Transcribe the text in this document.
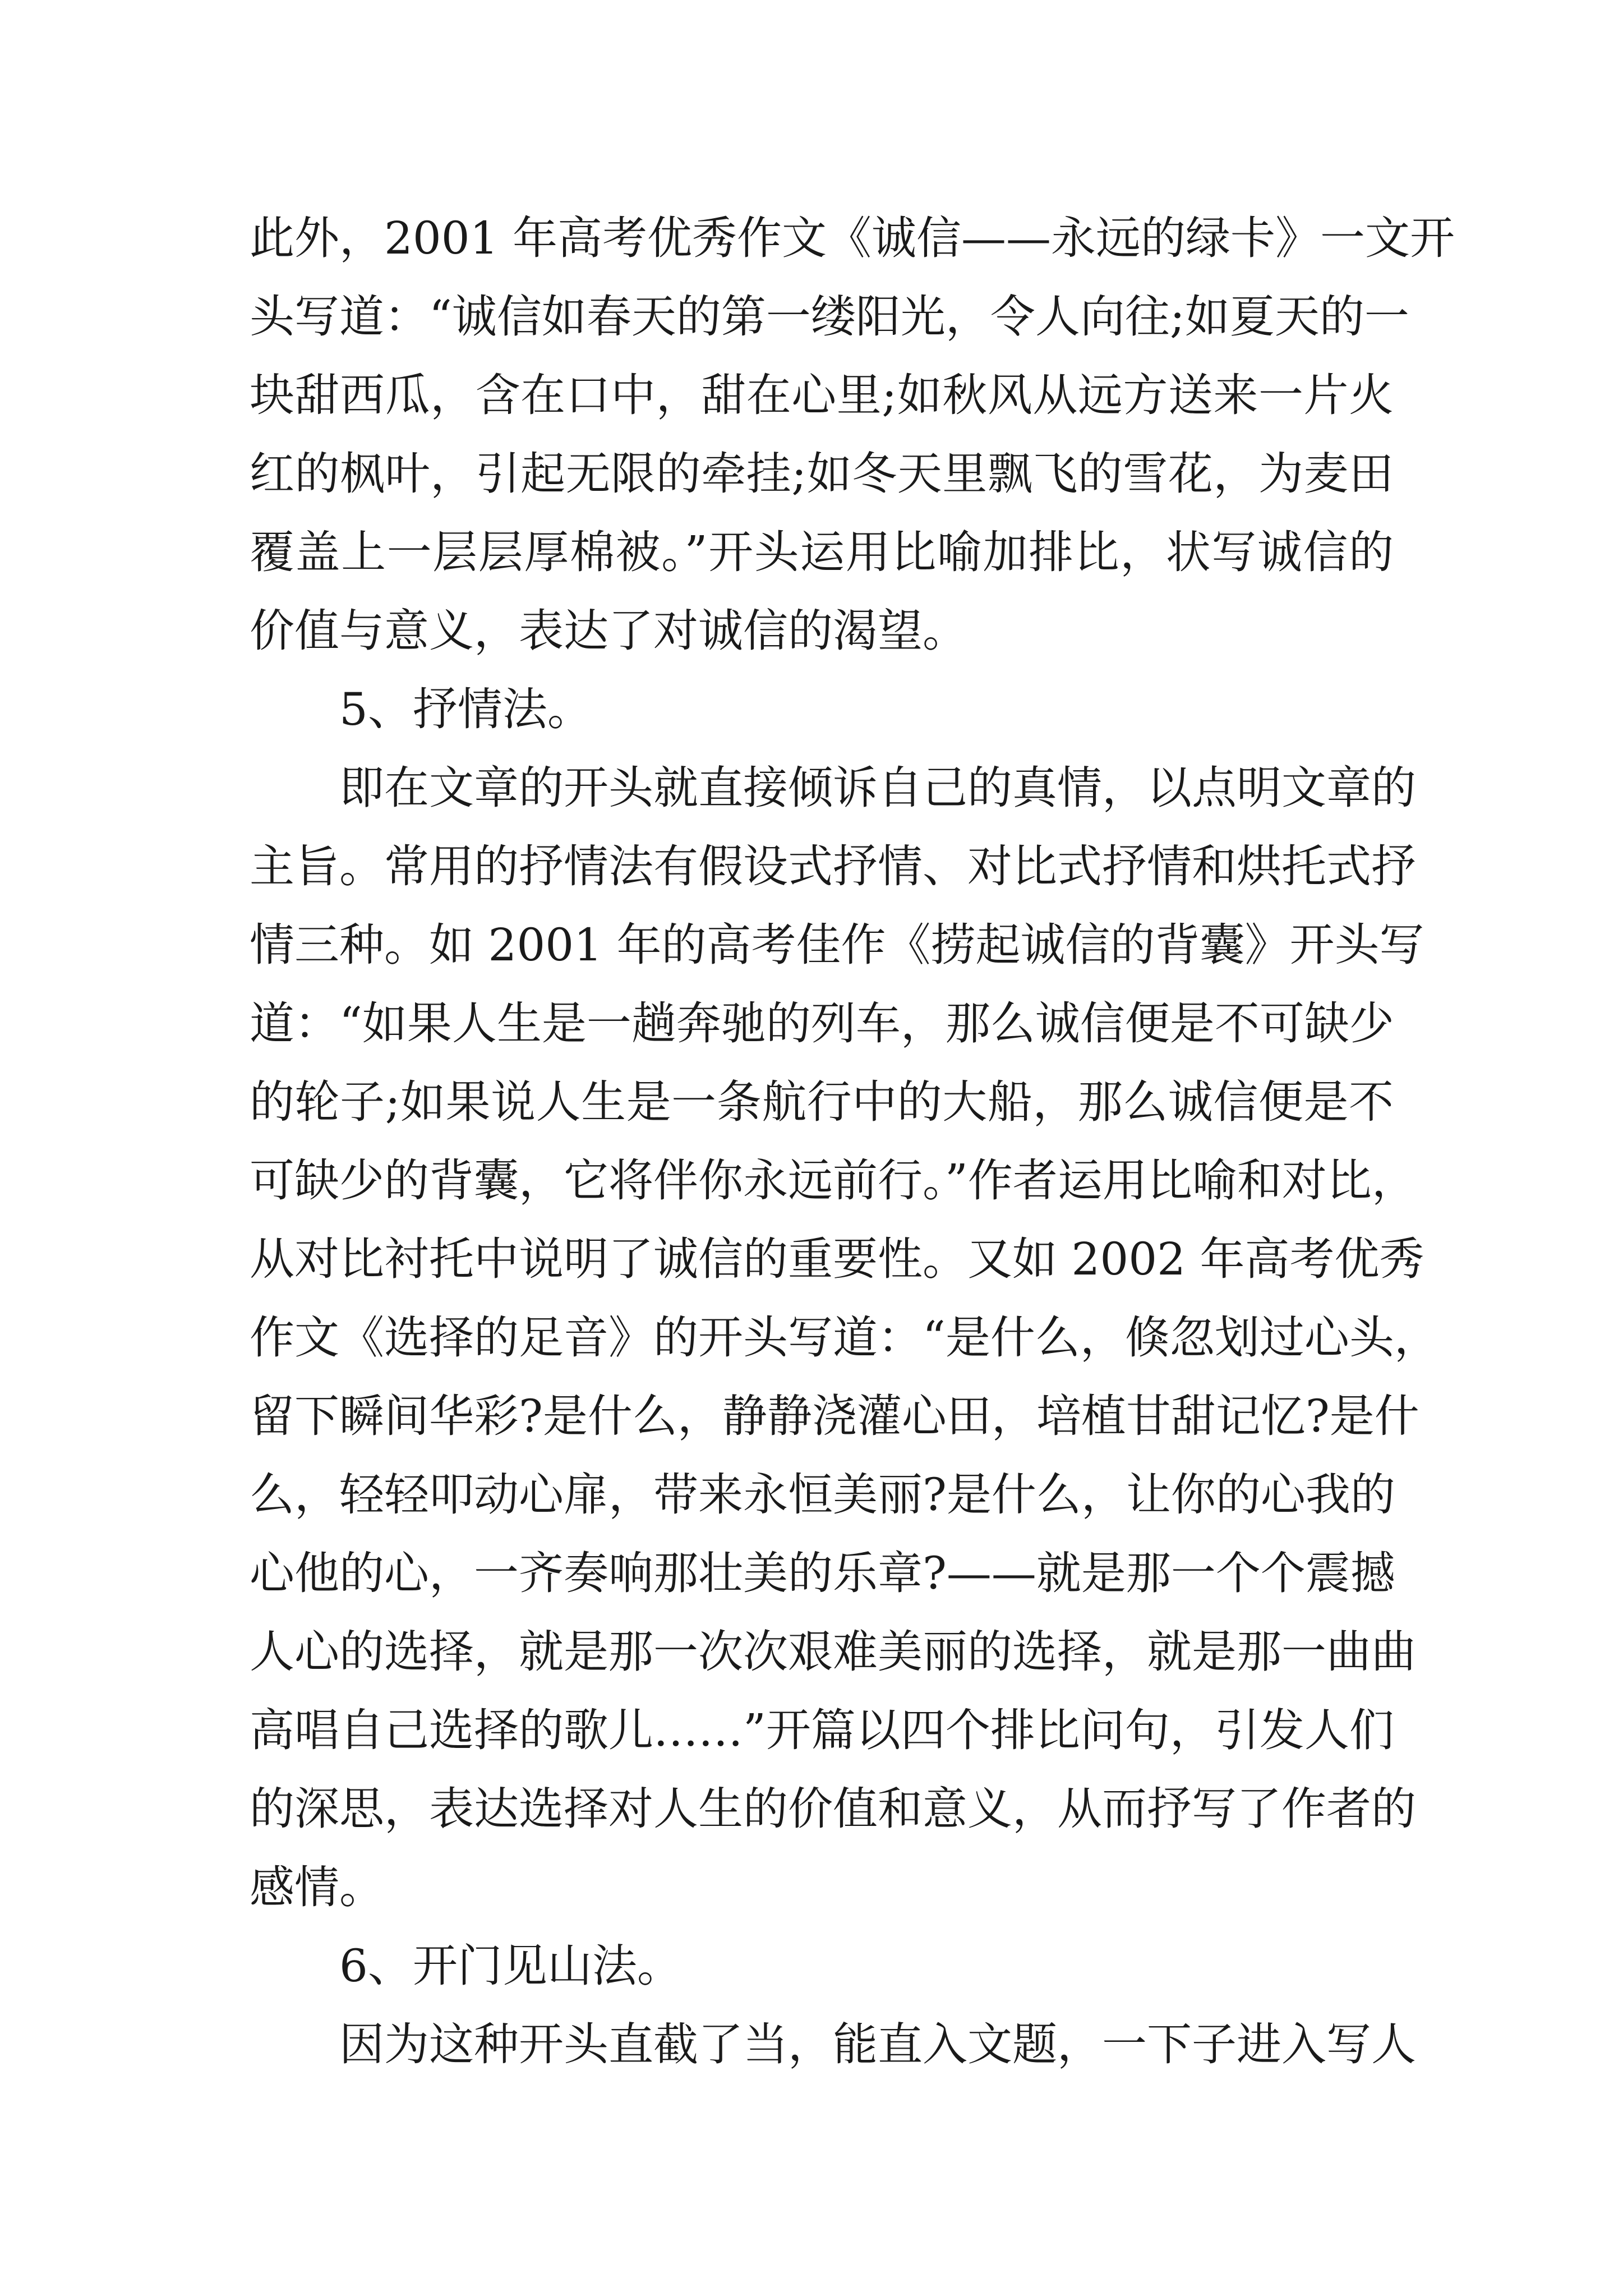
此外，2001 年高考优秀作文《诚信——永远的绿卡》一文开
头写道：“诚信如春天的第一缕阳光，令人向往;如夏天的一
块甜西瓜，含在口中，甜在心里;如秋风从远方送来一片火
红的枫叶，引起无限的牵挂;如冬天里飘飞的雪花，为麦田
覆盖上一层层厚棉被。”开头运用比喻加排比，状写诚信的
价值与意义，表达了对诚信的渴望。
5、抒情法。
即在文章的开头就直接倾诉自己的真情，以点明文章的
主旨。常用的抒情法有假设式抒情、对比式抒情和烘托式抒
情三种。如 2001 年的高考佳作《捞起诚信的背囊》开头写
道：“如果人生是一趟奔驰的列车，那么诚信便是不可缺少
的轮子;如果说人生是一条航行中的大船，那么诚信便是不
可缺少的背囊，它将伴你永远前行。”作者运用比喻和对比，
从对比衬托中说明了诚信的重要性。又如 2002 年高考优秀
作文《选择的足音》的开头写道：“是什么，倏忽划过心头，
留下瞬间华彩?是什么，静静浇灌心田，培植甘甜记忆?是什
么，轻轻叩动心扉，带来永恒美丽?是什么，让你的心我的
心他的心，一齐奏响那壮美的乐章?——就是那一个个震撼
人心的选择，就是那一次次艰难美丽的选择，就是那一曲曲
高唱自己选择的歌儿……”开篇以四个排比问句，引发人们
的深思，表达选择对人生的价值和意义，从而抒写了作者的
感情。
6、开门见山法。
因为这种开头直截了当，能直入文题，一下子进入写人
